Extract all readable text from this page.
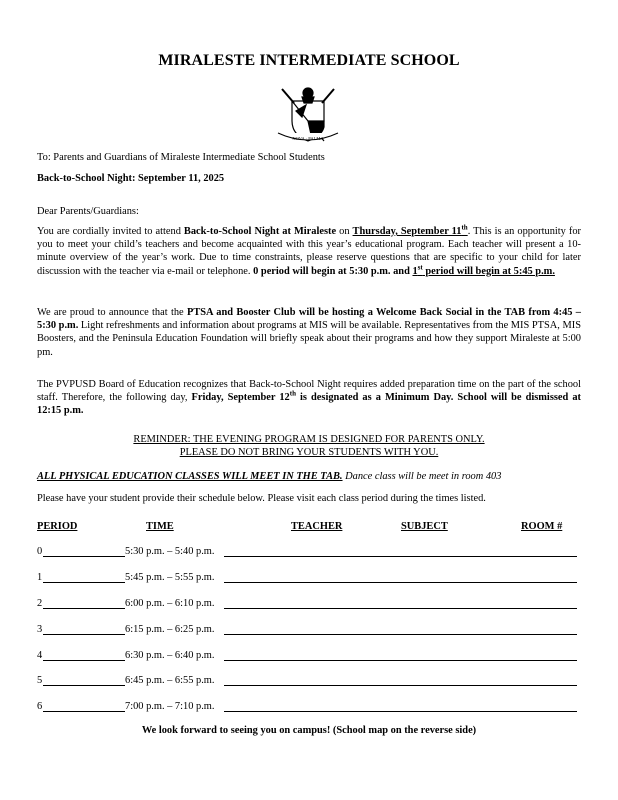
MIRALESTE INTERMEDIATE SCHOOL
NOVA · PALMA
To: Parents and Guardians of Miraleste Intermediate School Students
Back-to-School Night: September 11, 2025
Dear Parents/Guardians:
You are cordially invited to attend Back-to-School Night at Miraleste on Thursday, September 11th. This is an opportunity for you to meet your child’s teachers and become acquainted with this year’s educational program. Each teacher will present a 10-minute overview of the year’s work. Due to time constraints, please reserve questions that are specific to your child for later discussion with the teacher via e-mail or telephone. 0 period will begin at 5:30 p.m. and 1st period will begin at 5:45 p.m.
We are proud to announce that the PTSA and Booster Club will be hosting a Welcome Back Social in the TAB from 4:45 – 5:30 p.m. Light refreshments and information about programs at MIS will be available. Representatives from the MIS PTSA, MIS Boosters, and the Peninsula Education Foundation will briefly speak about their programs and how they support Miraleste at 5:00 pm.
The PVPUSD Board of Education recognizes that Back-to-School Night requires added preparation time on the part of the school staff. Therefore, the following day, Friday, September 12th is designated as a Minimum Day. School will be dismissed at 12:15 p.m.
REMINDER: THE EVENING PROGRAM IS DESIGNED FOR PARENTS ONLY.
PLEASE DO NOT BRING YOUR STUDENTS WITH YOU.
ALL PHYSICAL EDUCATION CLASSES WILL MEET IN THE TAB. Dance class will be meet in room 403
Please have your student provide their schedule below. Please visit each class period during the times listed.
PERIOD	TIME	TEACHER	SUBJECT	ROOM #
0	5:30 p.m. – 5:40 p.m.
1	5:45 p.m. – 5:55 p.m.
2	6:00 p.m. – 6:10 p.m.
3	6:15 p.m. – 6:25 p.m.
4	6:30 p.m. – 6:40 p.m.
5	6:45 p.m. – 6:55 p.m.
6	7:00 p.m. – 7:10 p.m.
We look forward to seeing you on campus! (School map on the reverse side)
